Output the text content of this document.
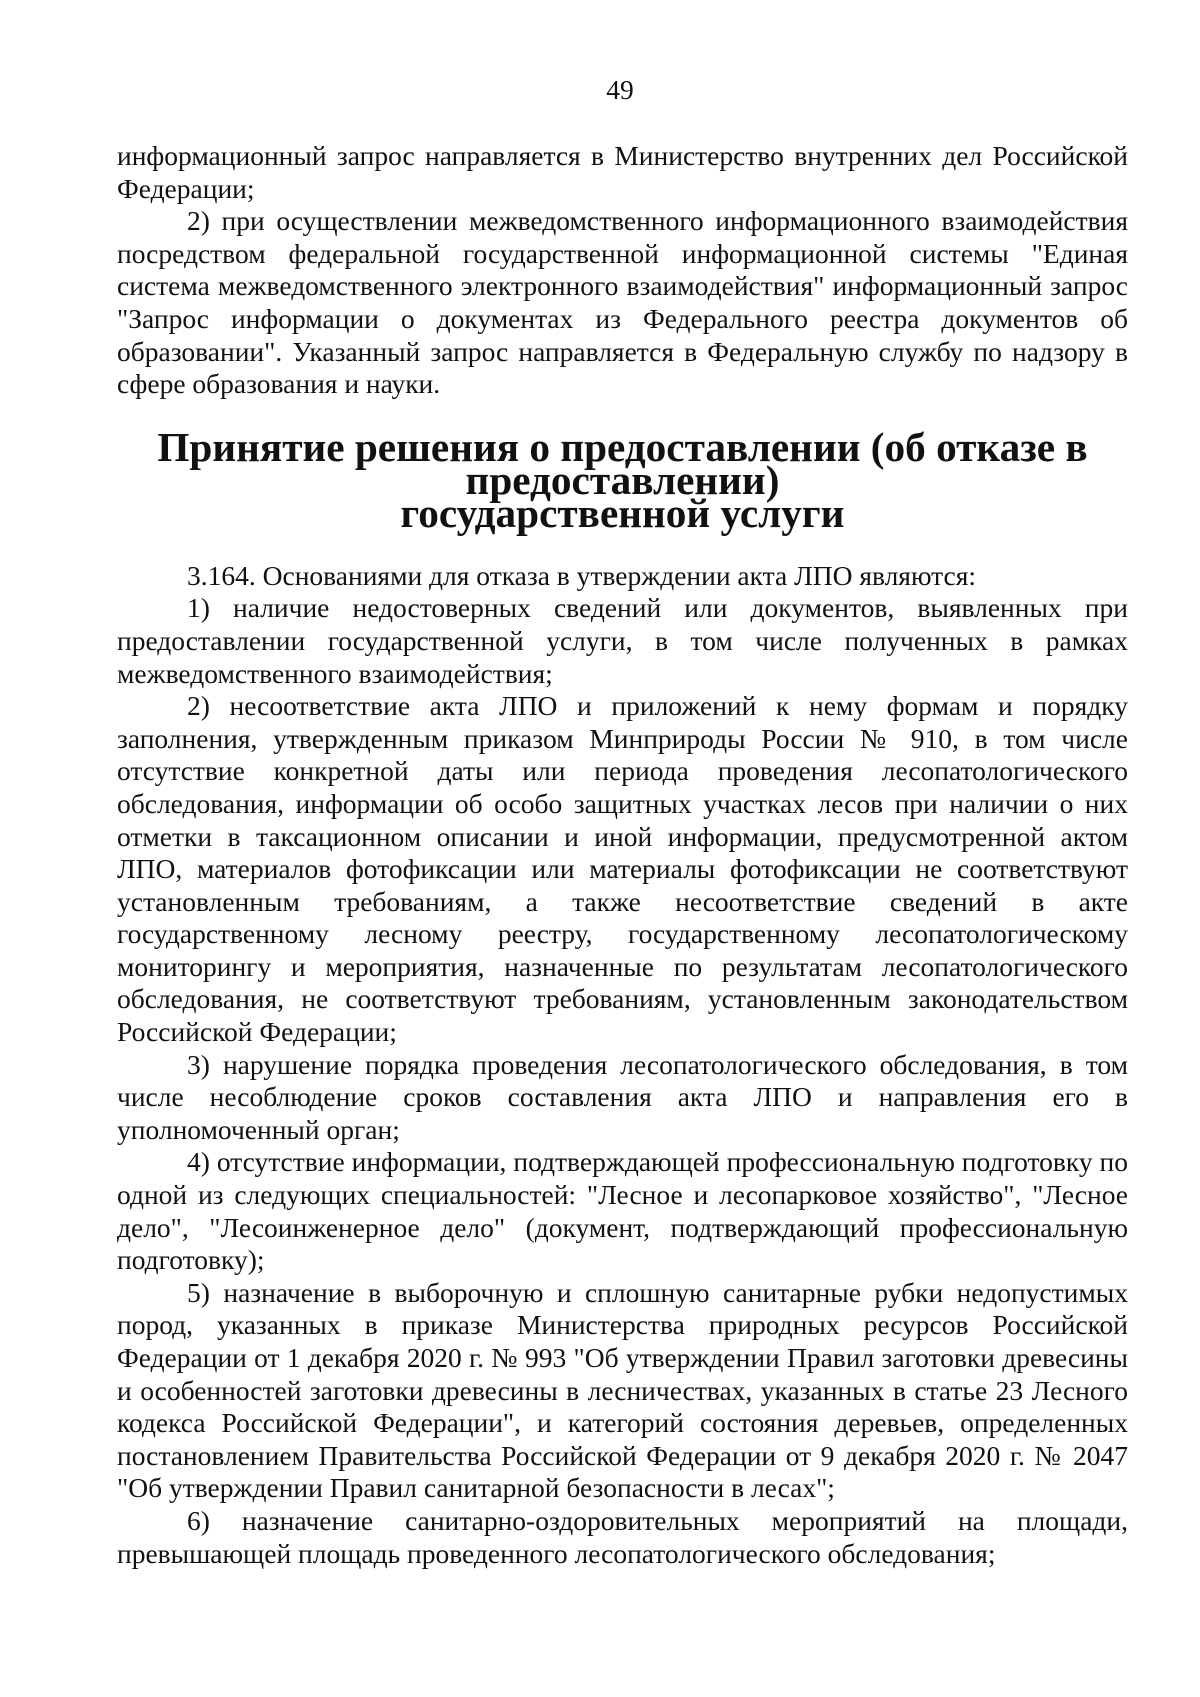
49

информационный запрос направляется в Министерство внутренних дел Российской Федерации;

2) при осуществлении межведомственного информационного взаимодействия посредством федеральной государственной информационной системы "Единая система межведомственного электронного взаимодействия" информационный запрос "Запрос информации о документах из Федерального реестра документов об образовании". Указанный запрос направляется в Федеральную службу по надзору в сфере образования и науки.

Принятие решения о предоставлении (об отказе в предоставлении)
государственной услуги

3.164. Основаниями для отказа в утверждении акта ЛПО являются:

1) наличие недостоверных сведений или документов, выявленных при предоставлении государственной услуги, в том числе полученных в рамках межведомственного взаимодействия;

2) несоответствие акта ЛПО и приложений к нему формам и порядку заполнения, утвержденным приказом Минприроды России № 910, в том числе отсутствие конкретной даты или периода проведения лесопатологического обследования, информации об особо защитных участках лесов при наличии о них отметки в таксационном описании и иной информации, предусмотренной актом ЛПО, материалов фотофиксации или материалы фотофиксации не соответствуют установленным требованиям, а также несоответствие сведений в акте государственному лесному реестру, государственному лесопатологическому мониторингу и мероприятия, назначенные по результатам лесопатологического обследования, не соответствуют требованиям, установленным законодательством Российской Федерации;

3) нарушение порядка проведения лесопатологического обследования, в том числе несоблюдение сроков составления акта ЛПО и направления его в уполномоченный орган;

4) отсутствие информации, подтверждающей профессиональную подготовку по одной из следующих специальностей: "Лесное и лесопарковое хозяйство", "Лесное дело", "Лесоинженерное дело" (документ, подтверждающий профессиональную подготовку);

5) назначение в выборочную и сплошную санитарные рубки недопустимых пород, указанных в приказе Министерства природных ресурсов Российской Федерации от 1 декабря 2020 г. № 993 "Об утверждении Правил заготовки древесины и особенностей заготовки древесины в лесничествах, указанных в статье 23 Лесного кодекса Российской Федерации", и категорий состояния деревьев, определенных постановлением Правительства Российской Федерации от 9 декабря 2020 г. № 2047 "Об утверждении Правил санитарной безопасности в лесах";

6) назначение санитарно-оздоровительных мероприятий на площади, превышающей площадь проведенного лесопатологического обследования;
